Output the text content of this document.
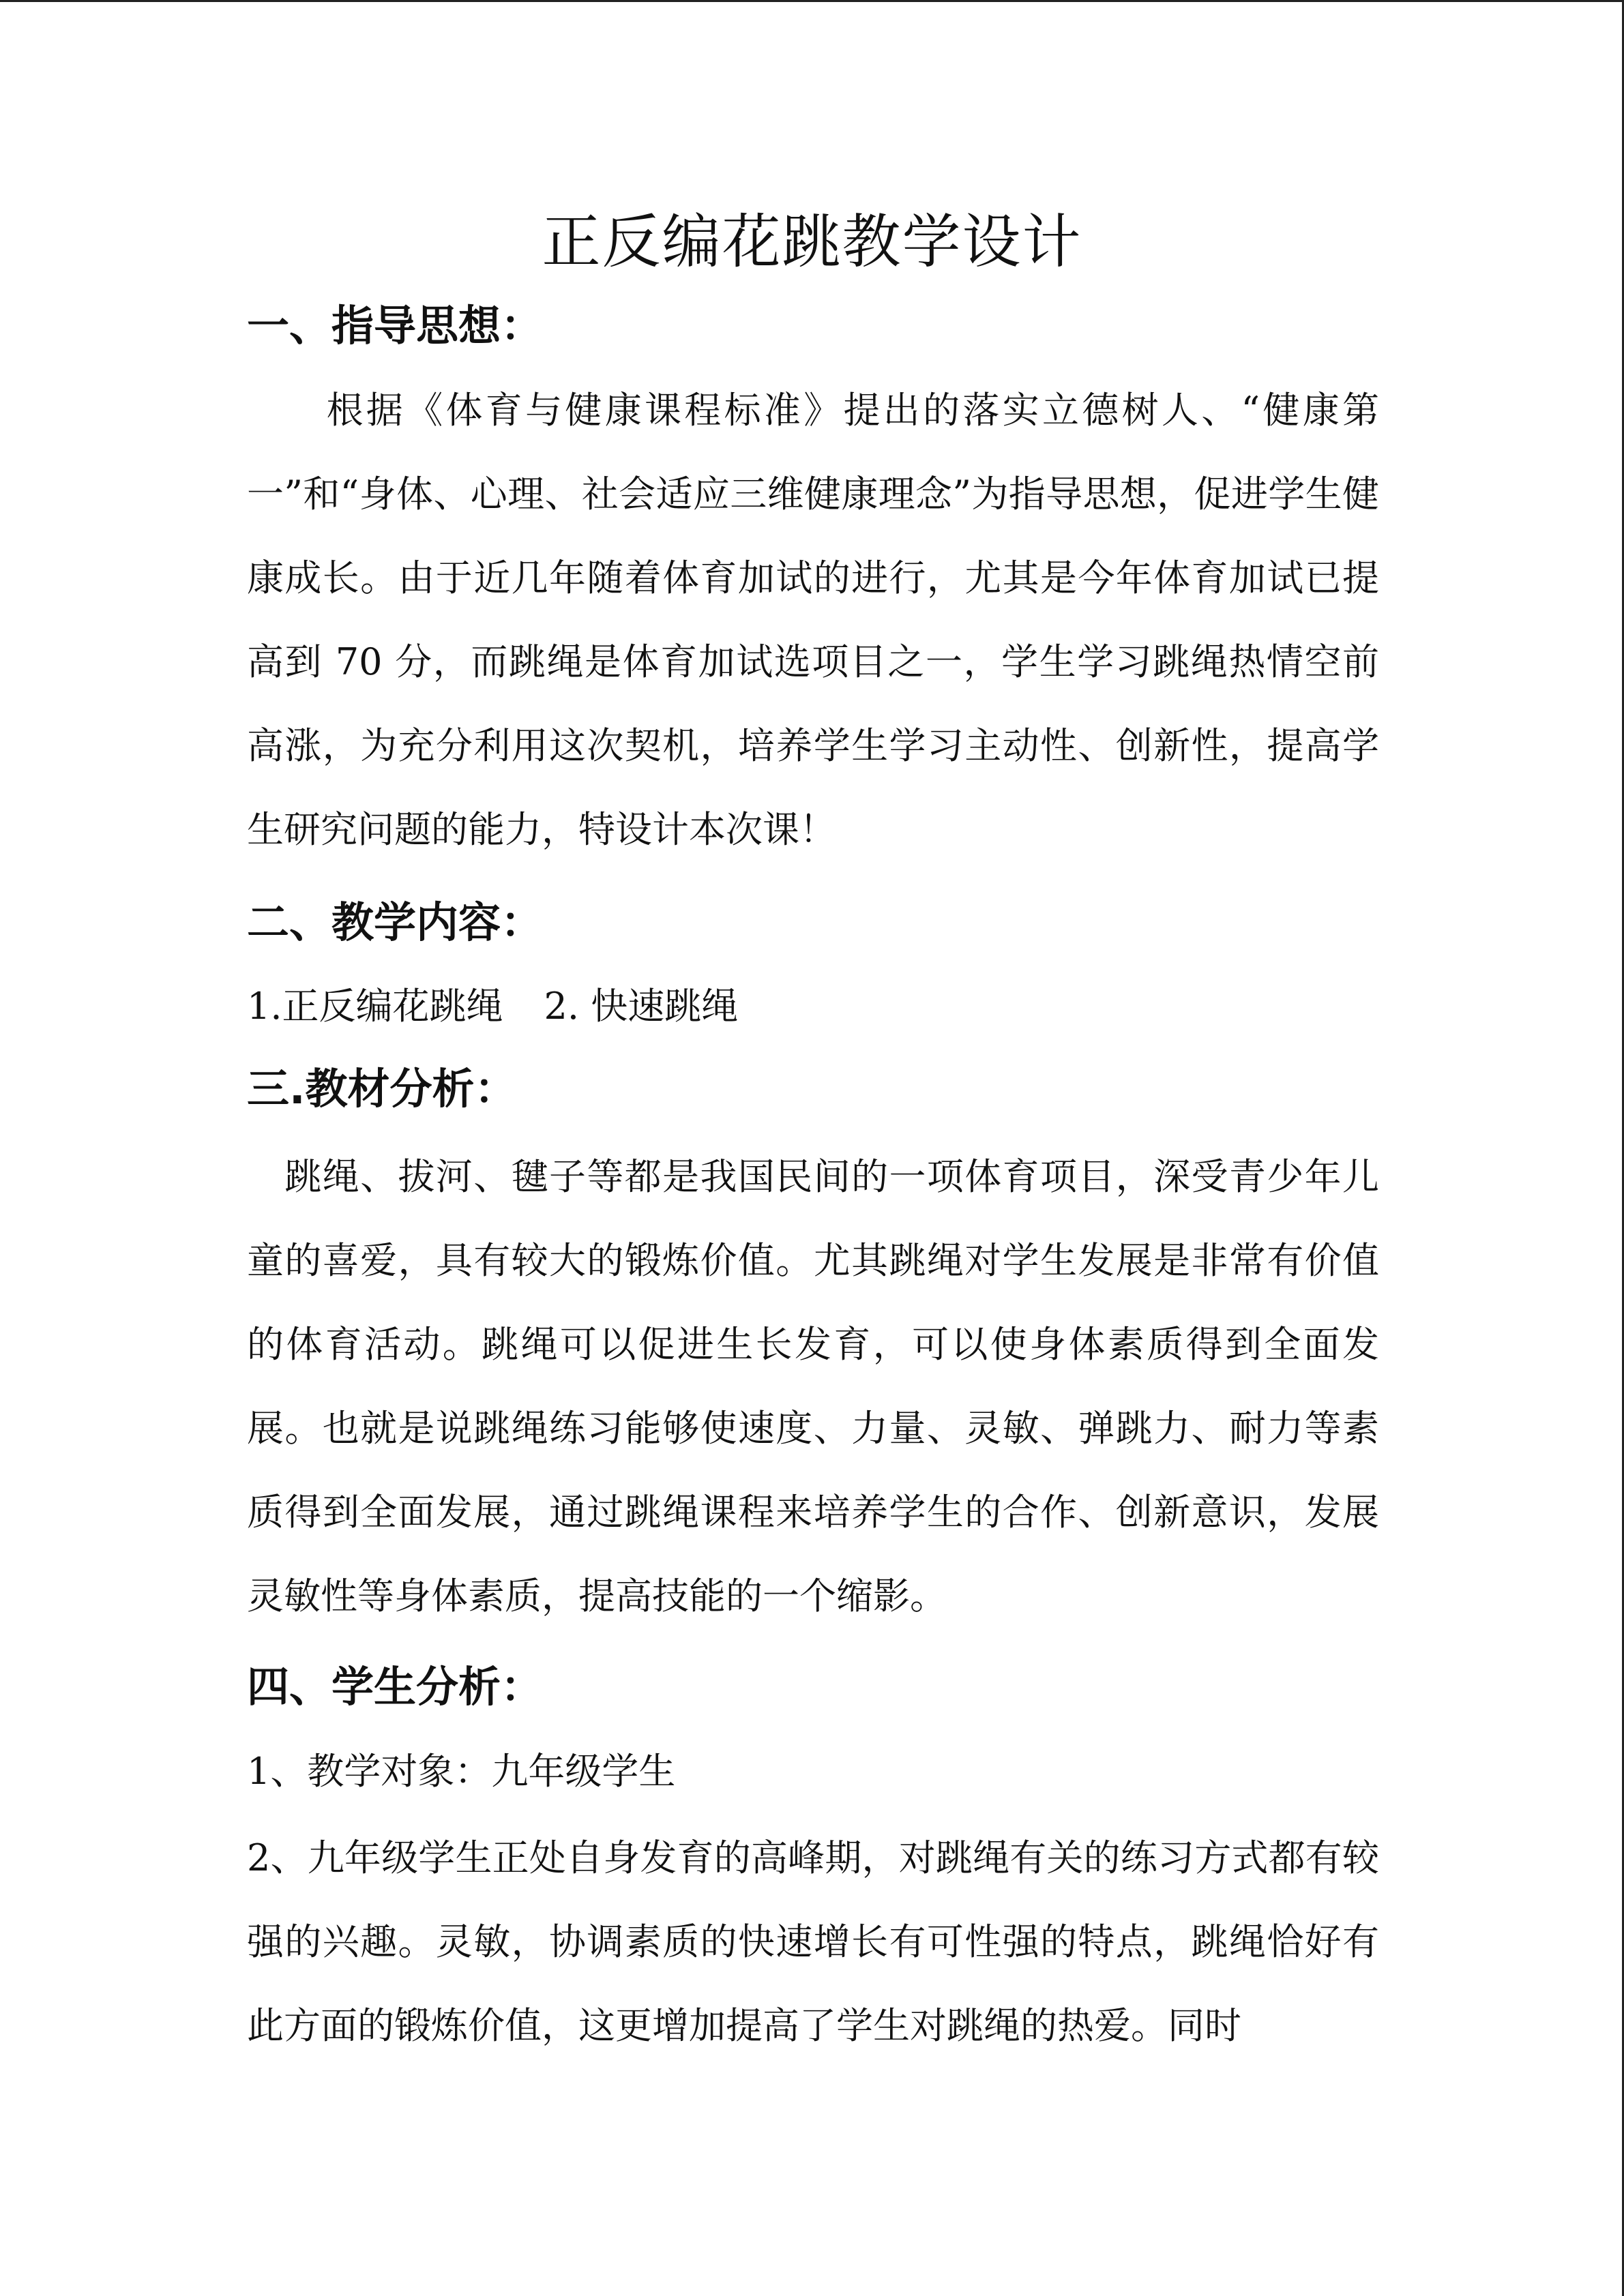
正反编花跳教学设计
一、指导思想：

　　根据《体育与健康课程标准》提出的落实立德树人、“健康第一”和“身体、心理、社会适应三维健康理念”为指导思想，促进学生健康成长。由于近几年随着体育加试的进行，尤其是今年体育加试已提高到 70 分，而跳绳是体育加试选项目之一，学生学习跳绳热情空前高涨，为充分利用这次契机，培养学生学习主动性、创新性，提高学生研究问题的能力，特设计本次课！

二、教学内容：
1.正反编花跳绳 2. 快速跳绳
三.教材分析：

　跳绳、拔河、毽子等都是我国民间的一项体育项目，深受青少年儿童的喜爱，具有较大的锻炼价值。尤其跳绳对学生发展是非常有价值的体育活动。跳绳可以促进生长发育，可以使身体素质得到全面发展。也就是说跳绳练习能够使速度、力量、灵敏、弹跳力、耐力等素质得到全面发展，通过跳绳课程来培养学生的合作、创新意识，发展灵敏性等身体素质，提高技能的一个缩影。

四、学生分析：
1、教学对象：九年级学生

2、九年级学生正处自身发育的高峰期，对跳绳有关的练习方式都有较强的兴趣。灵敏，协调素质的快速增长有可性强的特点，跳绳恰好有此方面的锻炼价值，这更增加提高了学生对跳绳的热爱。同时
